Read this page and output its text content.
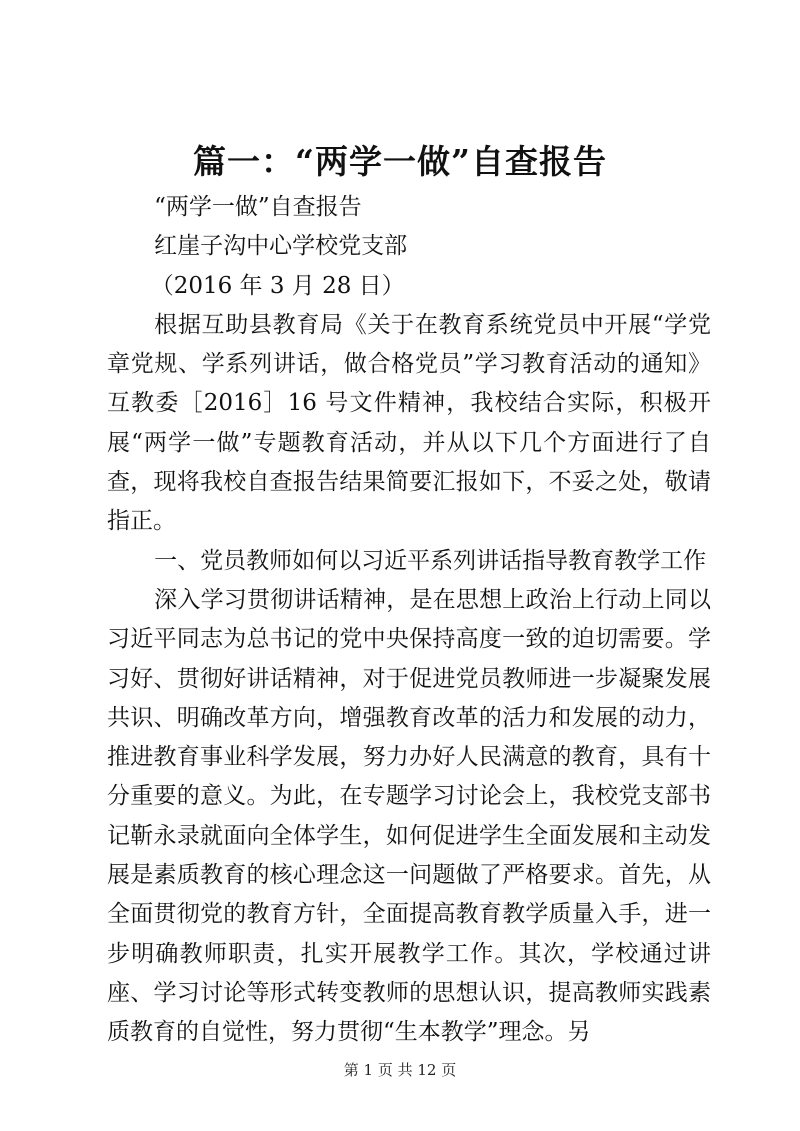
篇一：“两学一做”自查报告

“两学一做”自查报告

红崖子沟中心学校党支部

（2016 年 3 月 28 日）

根据互助县教育局《关于在教育系统党员中开展“学党章党规、学系列讲话，做合格党员”学习教育活动的通知》互教委［2016］16 号文件精神，我校结合实际，积极开展“两学一做”专题教育活动，并从以下几个方面进行了自查，现将我校自查报告结果简要汇报如下，不妥之处，敬请指正。

一、党员教师如何以习近平系列讲话指导教育教学工作

深入学习贯彻讲话精神，是在思想上政治上行动上同以习近平同志为总书记的党中央保持高度一致的迫切需要。学习好、贯彻好讲话精神，对于促进党员教师进一步凝聚发展共识、明确改革方向，增强教育改革的活力和发展的动力，推进教育事业科学发展，努力办好人民满意的教育，具有十分重要的意义。为此，在专题学习讨论会上，我校党支部书记靳永录就面向全体学生，如何促进学生全面发展和主动发展是素质教育的核心理念这一问题做了严格要求。首先，从全面贯彻党的教育方针，全面提高教育教学质量入手，进一步明确教师职责，扎实开展教学工作。其次，学校通过讲座、学习讨论等形式转变教师的思想认识，提高教师实践素质教育的自觉性，努力贯彻“生本教学”理念。另

第 1 页 共 12 页
